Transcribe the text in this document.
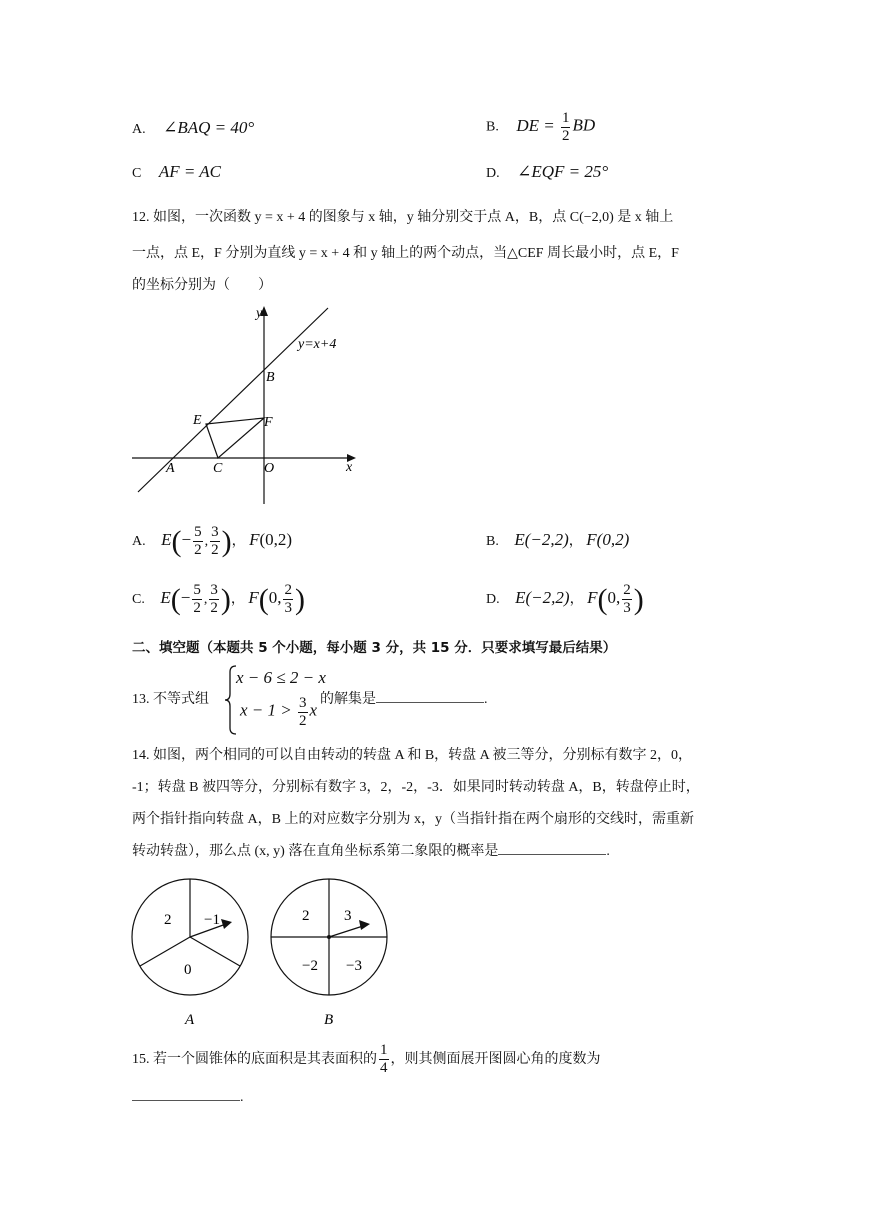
A. ∠BAQ = 40°	B. DE = $\frac{1}{2}$ BD
C AF = AC	D. ∠EQF = 25°
12. 如图，一次函数 y = x + 4 的图象与 x 轴，y 轴分别交于点 A，B，点 C(−2,0) 是 x 轴上
一点，点 E，F 分别为直线 y = x + 4 和 y 轴上的两个动点，当△CEF 周长最小时，点 E，F
的坐标分别为（　　）
y
x
y=x+4
B
F
E
A	C	O
A. $E(- \frac{5}{2}$ , $\frac{3}{2}$ )， F(0,2)	B. E(−2,2)， F(0,2)
C. $E(- \frac{5}{2}$ , $\frac{3}{2}$ )， F(0, $\frac{2}{3}$ )	D. E(−2,2)， F(0, $\frac{2}{3}$ )
二、填空题（本题共 5 个小题，每小题 3 分，共 15 分．只要求填写最后结果）
13. 不等式组
x − 6 ≤ 2 − x
$x - 1 > \frac{3}{2}$ x
的解集是	.
14. 如图，两个相同的可以自由转动的转盘 A 和 B，转盘 A 被三等分，分别标有数字 2，0，
-1；转盘 B 被四等分，分别标有数字 3，2，-2，-3．如果同时转动转盘 A，B，转盘停止时，
两个指针指向转盘 A，B 上的对应数字分别为 x，y（当指针指在两个扇形的交线时，需重新
转动转盘），那么点 (x, y) 落在直角坐标系第二象限的概率是	.
2 −1
0
A
2 3
−2 −3
B
15. 若一个圆锥体的底面积是其表面积的 $\frac{1}{4}$ ，则其侧面展开图圆心角的度数为
.
